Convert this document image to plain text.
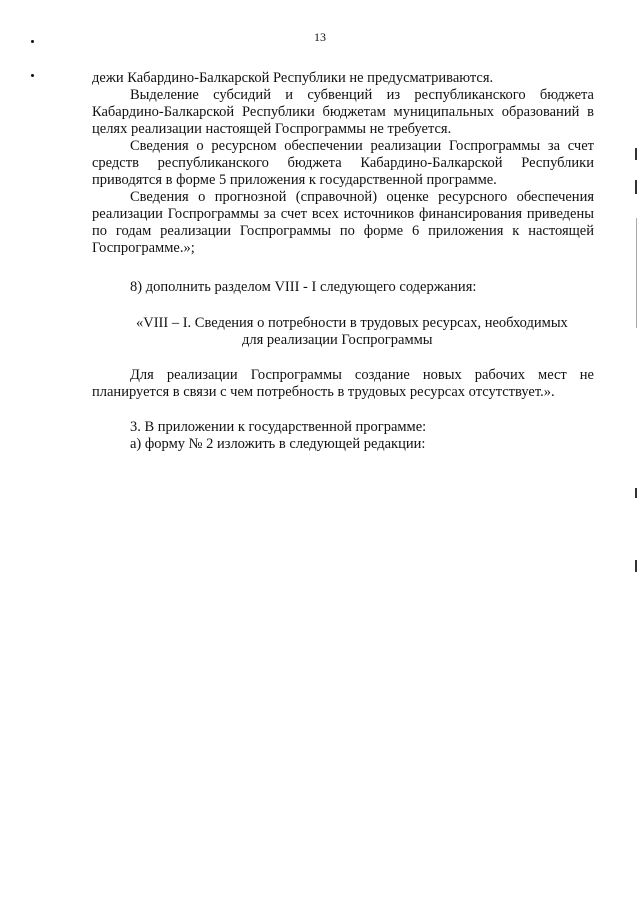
13

дежи Кабардино-Балкарской Республики не предусматриваются.

Выделение субсидий и субвенций из республиканского бюджета Кабардино-Балкарской Республики бюджетам муниципальных образований в целях реализации настоящей Госпрограммы не требуется.

Сведения о ресурсном обеспечении реализации Госпрограммы за счет средств республиканского бюджета Кабардино-Балкарской Республики приводятся в форме 5 приложения к государственной программе.

Сведения о прогнозной (справочной) оценке ресурсного обеспечения реализации Госпрограммы за счет всех источников финансирования приведены по годам реализации Госпрограммы по форме 6 приложения к настоящей Госпрограмме.»;

8) дополнить разделом VIII - I следующего содержания:

«VIII – I. Сведения о потребности в трудовых ресурсах, необходимых
для реализации Госпрограммы

Для реализации Госпрограммы создание новых рабочих мест не планируется в связи с чем потребность в трудовых ресурсах отсутствует.».

3. В приложении к государственной программе:

а) форму № 2 изложить в следующей редакции:
